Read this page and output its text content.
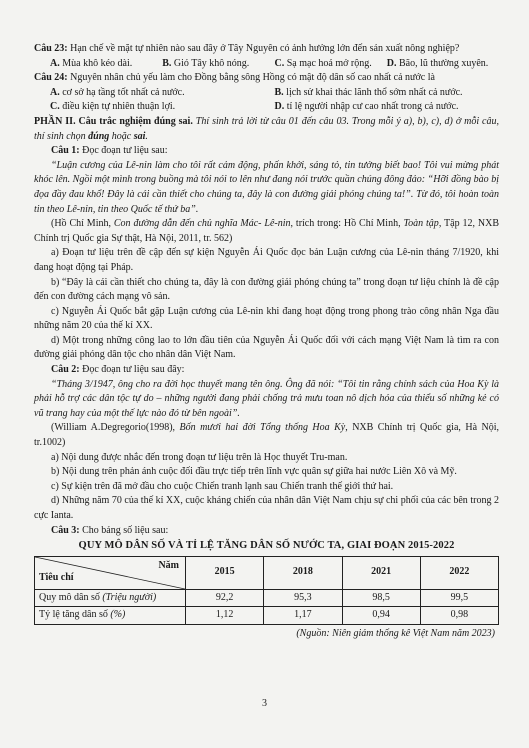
Câu 23: Hạn chế về mặt tự nhiên nào sau đây ở Tây Nguyên có ảnh hưởng lớn đến sản xuất nông nghiệp?

A. Mùa khô kéo dài.	B. Gió Tây khô nóng.	C. Sạ mạc hoá mở rộng.	D. Bão, lũ thường xuyên.

Câu 24: Nguyên nhân chủ yếu làm cho Đồng bằng sông Hồng có mật độ dân số cao nhất cả nước là

A. cơ sở hạ tầng tốt nhất cả nước.	B. lịch sử khai thác lãnh thổ sớm nhất cả nước.
C. điều kiện tự nhiên thuận lợi.	D. tỉ lệ người nhập cư cao nhất trong cả nước.

PHẦN II. Câu trắc nghiệm đúng sai. Thí sinh trả lời từ câu 01 đến câu 03. Trong mỗi ý a), b), c), d) ở mỗi câu, thí sinh chọn đúng hoặc sai.

Câu 1: Đọc đoạn tư liệu sau:

“Luận cương của Lê-nin làm cho tôi rất cảm động, phấn khởi, sáng tỏ, tin tưởng biết bao! Tôi vui mừng phát khóc lên. Ngồi một mình trong buồng mà tôi nói to lên như đang nói trước quần chúng đông đảo: “Hỡi đồng bào bị đọa đầy đau khổ! Đây là cái cần thiết cho chúng ta, đây là con đường giải phóng chúng ta!”. Từ đó, tôi hoàn toàn tin theo Lê-nin, tin theo Quốc tế thứ ba”.

(Hồ Chí Minh, Con đường dẫn đến chủ nghĩa Mác- Lê-nin, trích trong: Hồ Chí Minh, Toàn tập, Tập 12, NXB Chính trị Quốc gia Sự thật, Hà Nội, 2011, tr. 562)

a) Đoạn tư liệu trên đề cập đến sự kiện Nguyễn Ái Quốc đọc bản Luận cương của Lê-nin tháng 7/1920, khi đang hoạt động tại Pháp.

b) “Đây là cái cần thiết cho chúng ta, đây là con đường giải phóng chúng ta” trong đoạn tư liệu chính là đề cập đến con đường cách mạng vô sản.

c) Nguyễn Ái Quốc bắt gặp Luận cương của Lê-nin khi đang hoạt động trong phong trào công nhân Nga đầu những năm 20 của thế kỉ XX.

d) Một trong những công lao to lớn đầu tiên của Nguyễn Ái Quốc đối với cách mạng Việt Nam là tìm ra con đường giải phóng dân tộc cho nhân dân Việt Nam.

Câu 2: Đọc đoạn tư liệu sau đây:

“Tháng 3/1947, ông cho ra đời học thuyết mang tên ông. Ông đã nói: “Tôi tin rằng chính sách của Hoa Kỳ là phải hỗ trợ các dân tộc tự do – những người đang phải chống trả mưu toan nô dịch hóa của thiểu số những kẻ có vũ trang hay của một thế lực nào đó từ bên ngoài”.

(William A.Degregorio(1998), Bốn mươi hai đời Tổng thống Hoa Kỳ, NXB Chính trị Quốc gia, Hà Nội, tr.1002)

a) Nội dung được nhắc đến trong đoạn tư liệu trên là Học thuyết Tru-man.

b) Nội dung trên phản ánh cuộc đối đầu trực tiếp trên lĩnh vực quân sự giữa hai nước Liên Xô và Mỹ.

c) Sự kiện trên đã mở đầu cho cuộc Chiến tranh lạnh sau Chiến tranh thế giới thứ hai.

d) Những năm 70 của thế kỉ XX, cuộc kháng chiến của nhân dân Việt Nam chịu sự chi phối của các bên trong 2 cực Ianta.

Câu 3: Cho bảng số liệu sau:

QUY MÔ DÂN SỐ VÀ TỈ LỆ TĂNG DÂN SỐ NƯỚC TA, GIAI ĐOẠN 2015-2022
Năm
Tiêu chí	2015	2018	2021	2022
Quy mô dân số (Triệu người)	92,2	95,3	98,5	99,5
Tỷ lệ tăng dân số (%)	1,12	1,17	0,94	0,98
(Nguồn: Niên giám thống kê Việt Nam năm 2023)
3
